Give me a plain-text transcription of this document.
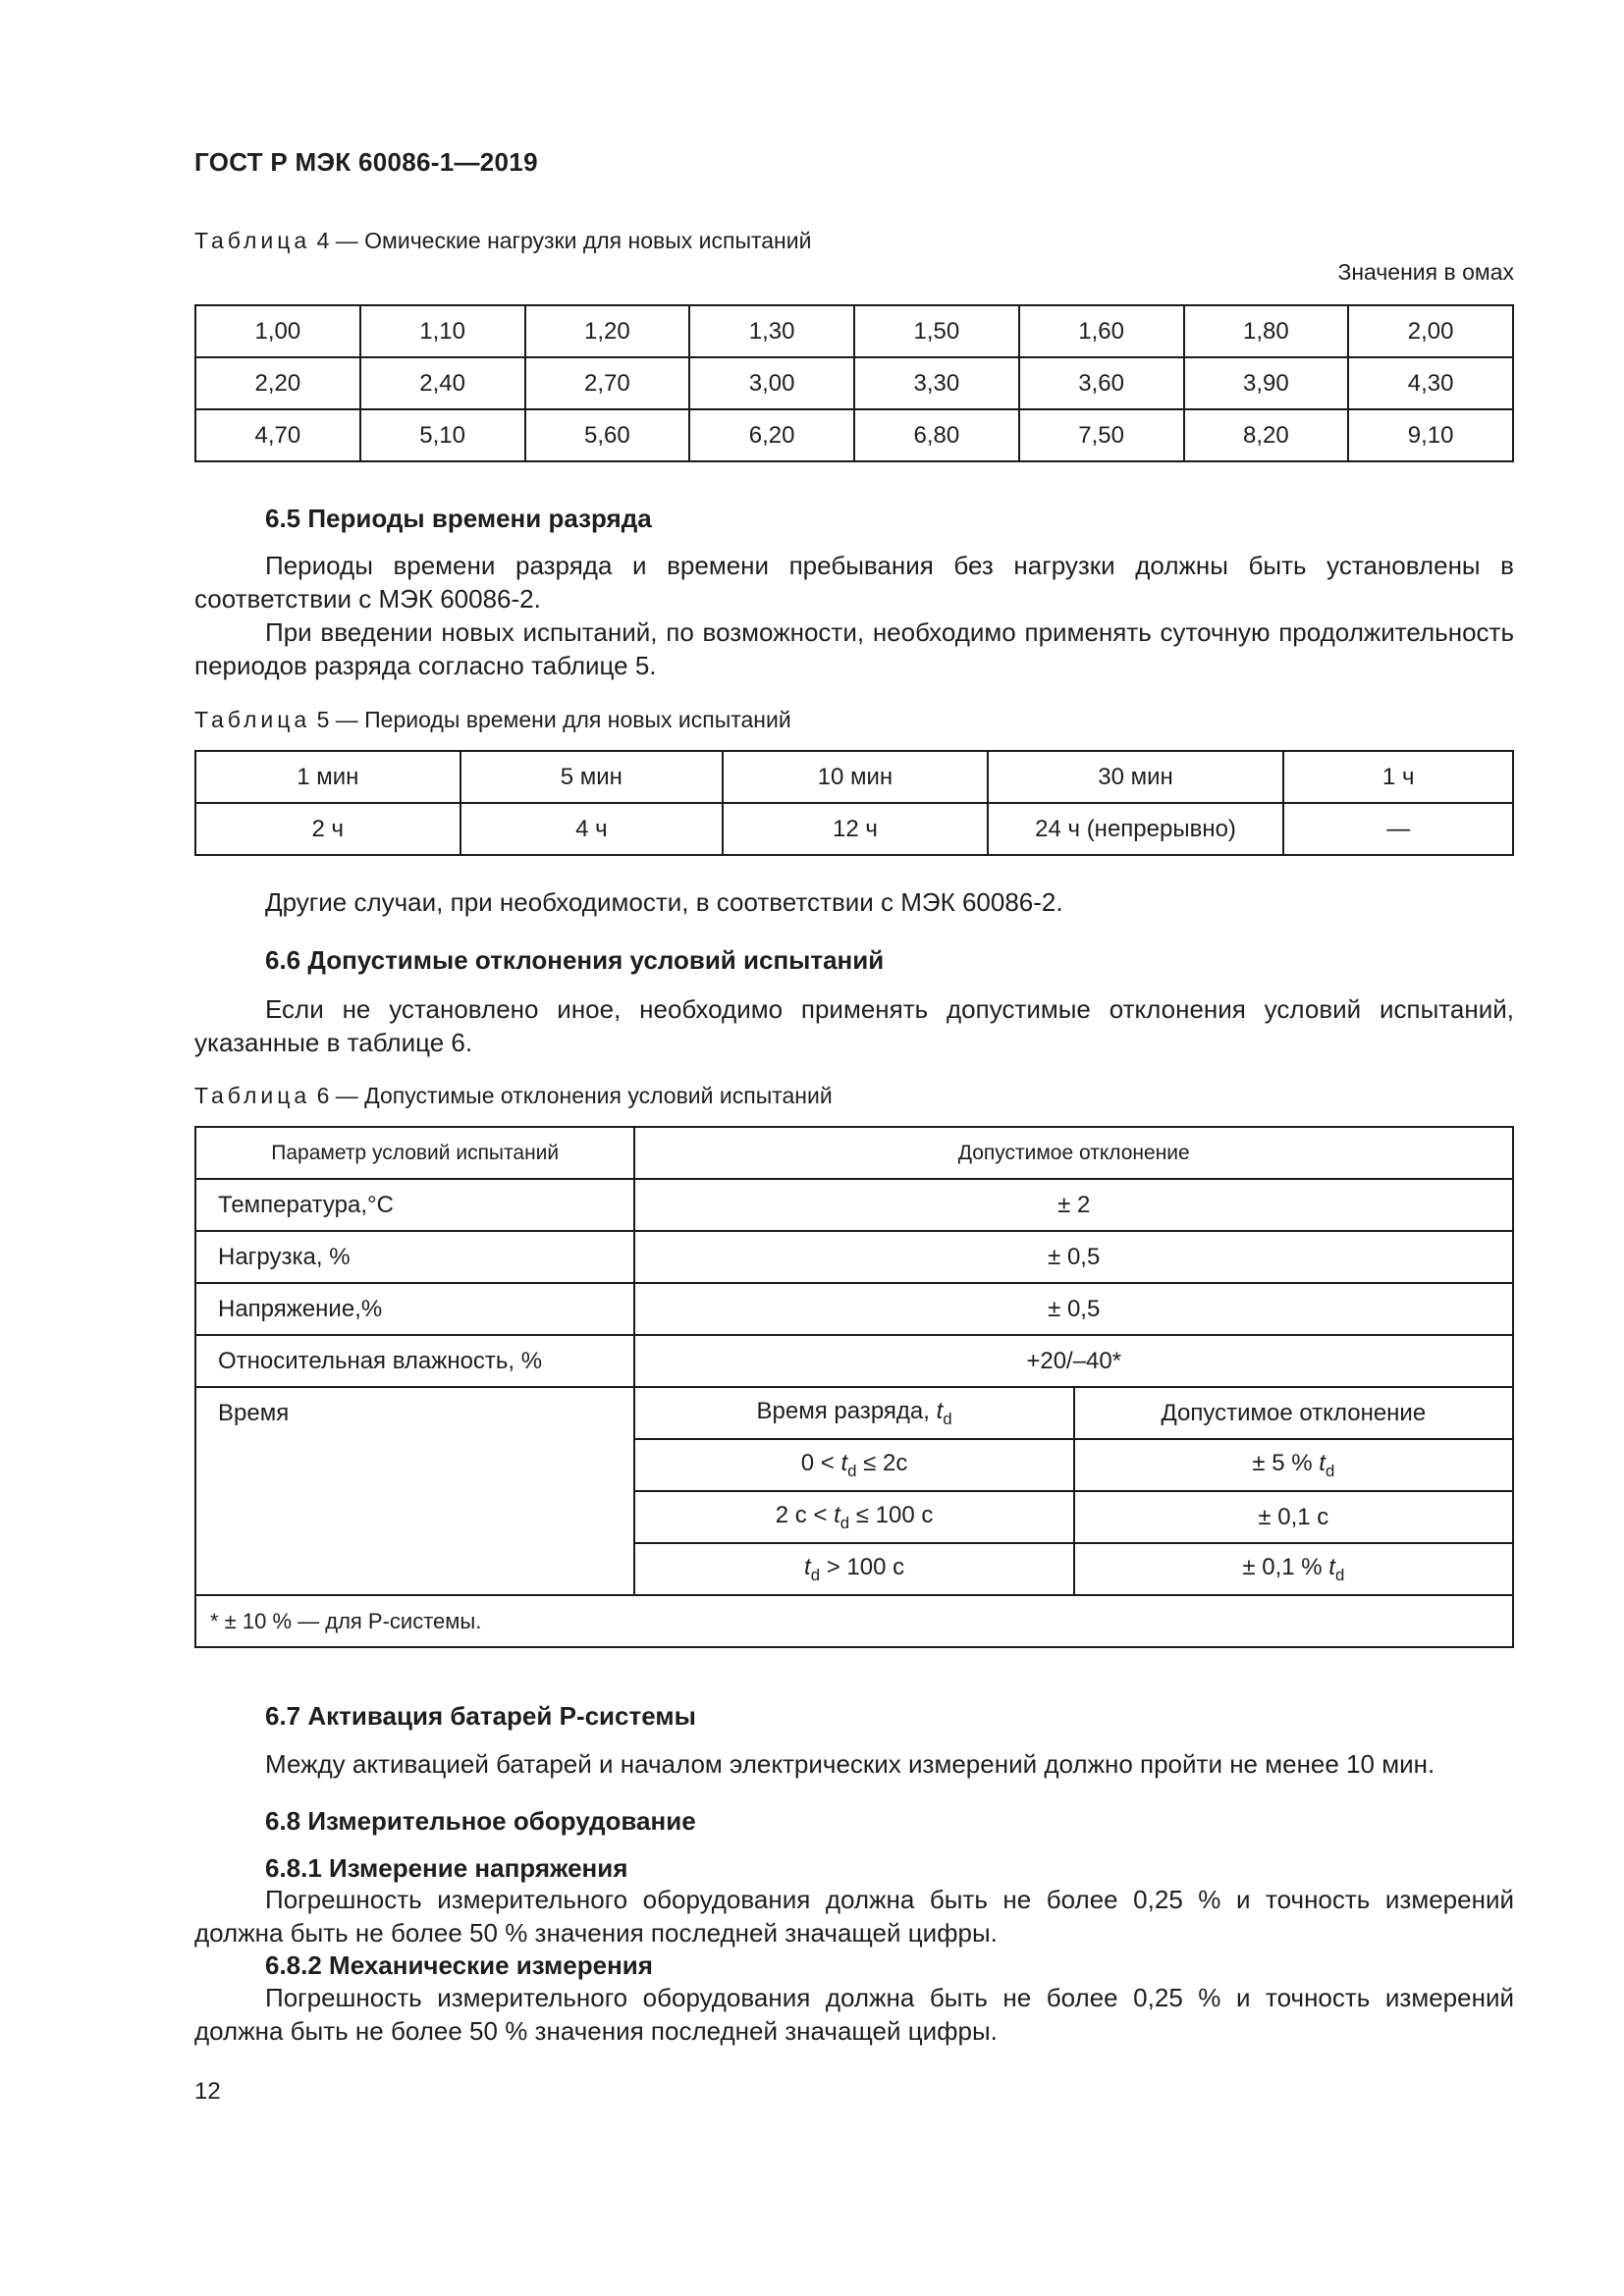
ГОСТ Р МЭК 60086-1—2019
Таблица 4 — Омические нагрузки для новых испытаний
Значения в омах
1,00	1,10	1,20	1,30	1,50	1,60	1,80	2,00
2,20	2,40	2,70	3,00	3,30	3,60	3,90	4,30
4,70	5,10	5,60	6,20	6,80	7,50	8,20	9,10
6.5 Периоды времени разряда

Периоды времени разряда и времени пребывания без нагрузки должны быть установлены в соответствии с МЭК 60086-2.

При введении новых испытаний, по возможности, необходимо применять суточную продолжительность периодов разряда согласно таблице 5.

Таблица 5 — Периоды времени для новых испытаний
1 мин	5 мин	10 мин	30 мин	1 ч
2 ч	4 ч	12 ч	24 ч (непрерывно)	—

Другие случаи, при необходимости, в соответствии с МЭК 60086-2.

6.6 Допустимые отклонения условий испытаний

Если не установлено иное, необходимо применять допустимые отклонения условий испытаний, указанные в таблице 6.

Таблица 6 — Допустимые отклонения условий испытаний
Параметр условий испытаний	Допустимое отклонение	
Температура,°С	± 2	
Нагрузка, %	± 0,5	
Напряжение,%	± 0,5	
Относительная влажность, %	+20/–40*	
Время	Время разряда, $t_d$	Допустимое отклонение
	$0 < t_d \le 2с$	± 5 % $t_d$
	2 $с < t_d \le 100$ с	± 0,1 с
	$t_d > 100$ с	± 0,1 % $t_d$
* ± 10 % — для Р-системы.		
6.7 Активация батарей Р-системы

Между активацией батарей и началом электрических измерений должно пройти не менее 10 мин.

6.8 Измерительное оборудование
6.8.1 Измерение напряжения

Погрешность измерительного оборудования должна быть не более 0,25 % и точность измерений должна быть не более 50 % значения последней значащей цифры.

6.8.2 Механические измерения

Погрешность измерительного оборудования должна быть не более 0,25 % и точность измерений должна быть не более 50 % значения последней значащей цифры.

12
